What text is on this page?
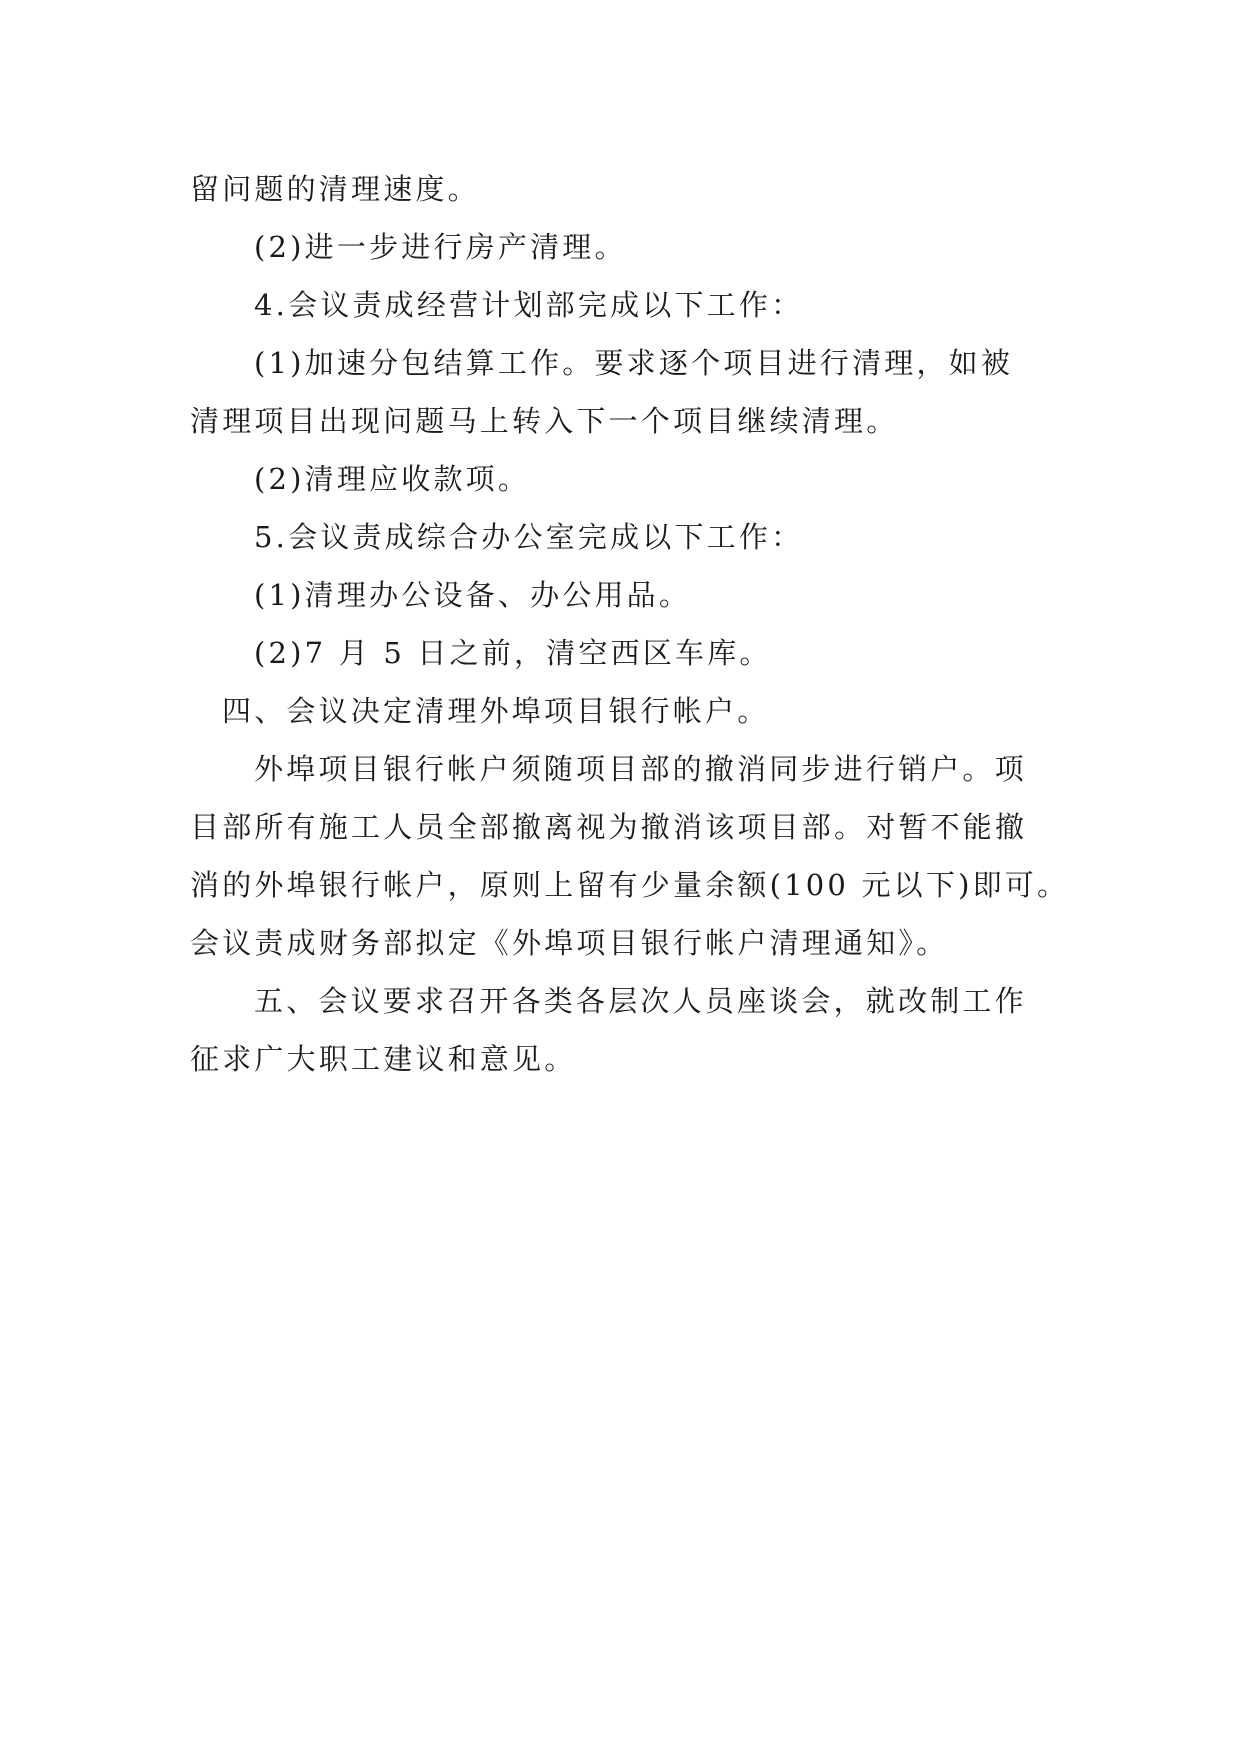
留问题的清理速度。
(2)进一步进行房产清理。
4.会议责成经营计划部完成以下工作：
(1)加速分包结算工作。要求逐个项目进行清理，如被
清理项目出现问题马上转入下一个项目继续清理。
(2)清理应收款项。
5.会议责成综合办公室完成以下工作：
(1)清理办公设备、办公用品。
(2)7 月 5 日之前，清空西区车库。
四、会议决定清理外埠项目银行帐户。
外埠项目银行帐户须随项目部的撤消同步进行销户。项
目部所有施工人员全部撤离视为撤消该项目部。对暂不能撤
消的外埠银行帐户，原则上留有少量余额(100 元以下)即可。
会议责成财务部拟定《外埠项目银行帐户清理通知》。
五、会议要求召开各类各层次人员座谈会，就改制工作
征求广大职工建议和意见。
